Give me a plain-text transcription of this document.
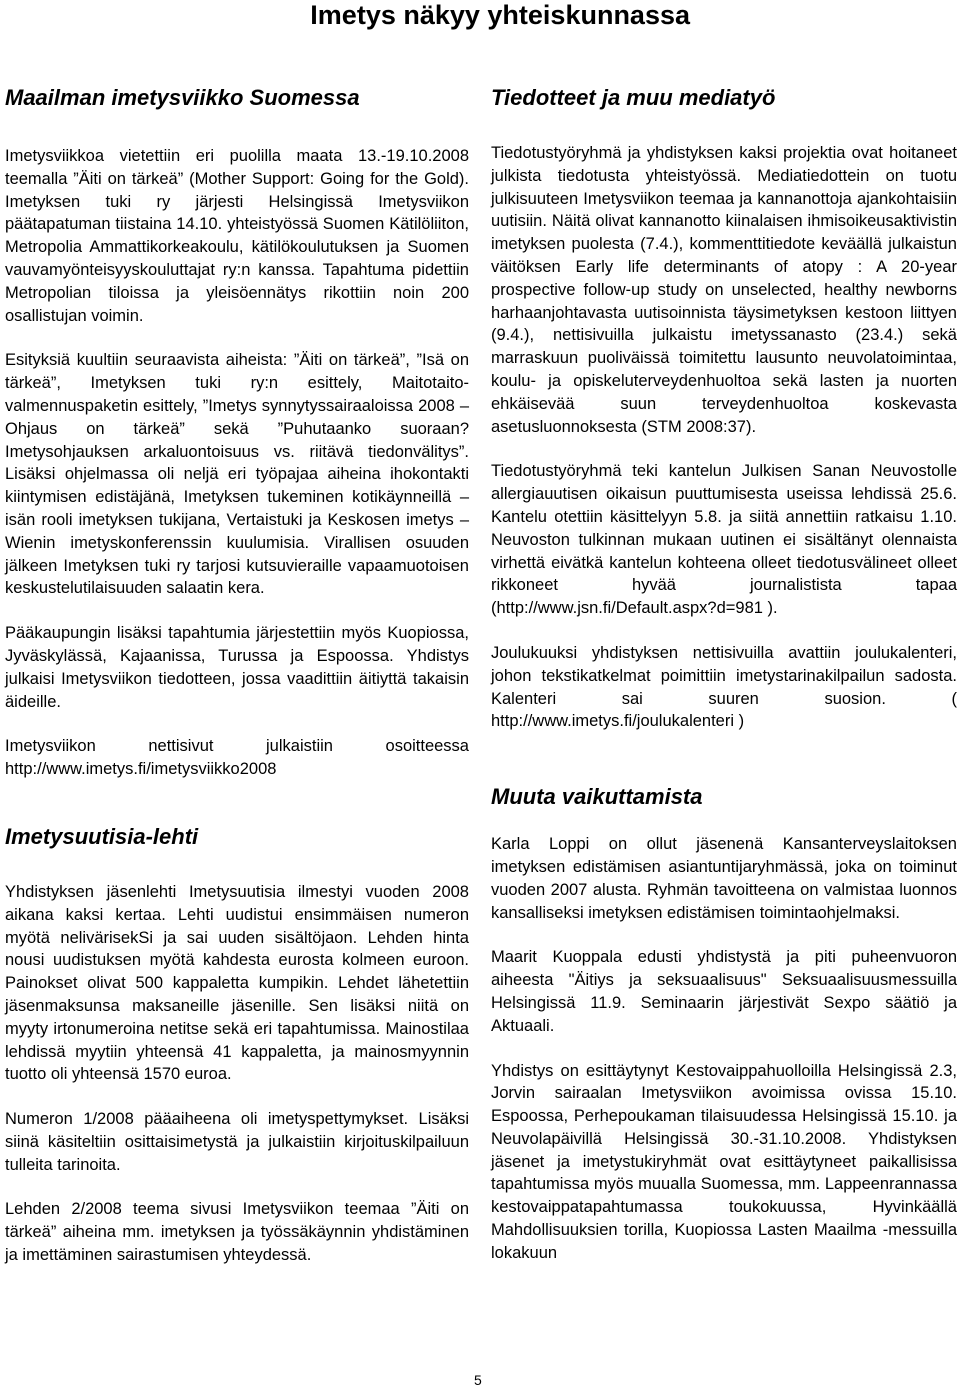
Imetys näkyy yhteiskunnassa
Maailman imetysviikko Suomessa

Imetysviikkoa vietettiin eri puolilla maata 13.-19.10.2008 teemalla ”Äiti on tärkeä” (Mother Support: Going for the Gold). Imetyksen tuki ry järjesti Helsingissä Imetysviikon päätapatuman tiistaina 14.10. yhteistyössä Suomen Kätilöliiton, Metropolia Ammattikorkeakoulu, kätilökoulutuksen ja Suomen vauvamyönteisyyskouluttajat ry:n kanssa. Tapahtuma pidettiin Metropolian tiloissa ja yleisöennätys rikottiin noin 200 osallistujan voimin.

Esityksiä kuultiin seuraavista aiheista: ”Äiti on tärkeä”, ”Isä on tärkeä”, Imetyksen tuki ry:n esittely, Maitotaito-valmennuspaketin esittely, ”Imetys synnytyssairaaloissa 2008 – Ohjaus on tärkeä” sekä ”Puhutaanko suoraan? Imetysohjauksen arkaluontoisuus vs. riitävä tiedonvälitys”. Lisäksi ohjelmassa oli neljä eri työpajaa aiheina ihokontakti kiintymisen edistäjänä, Imetyksen tukeminen kotikäynneillä – isän rooli imetyksen tukijana, Vertaistuki ja Keskosen imetys – Wienin imetyskonferenssin kuulumisia. Virallisen osuuden jälkeen Imetyksen tuki ry tarjosi kutsuvieraille vapaamuotoisen keskustelutilaisuuden salaatin kera.

Pääkaupungin lisäksi tapahtumia järjestettiin myös Kuopiossa, Jyväskylässä, Kajaanissa, Turussa ja Espoossa. Yhdistys julkaisi Imetysviikon tiedotteen, jossa vaadittiin äitiyttä takaisin äideille.

Imetysviikon nettisivut julkaistiin osoitteessa http://www.imetys.fi/imetysviikko2008

Imetysuutisia-lehti

Yhdistyksen jäsenlehti Imetysuutisia ilmestyi vuoden 2008 aikana kaksi kertaa. Lehti uudistui ensimmäisen numeron myötä nelivärisekSi ja sai uuden sisältöjaon. Lehden hinta nousi uudistuksen myötä kahdesta eurosta kolmeen euroon. Painokset olivat 500 kappaletta kumpikin. Lehdet lähetettiin jäsenmaksunsa maksaneille jäsenille. Sen lisäksi niitä on myyty irtonumeroina netitse sekä eri tapahtumissa. Mainostilaa lehdissä myytiin yhteensä 41 kappaletta, ja mainosmyynnin tuotto oli yhteensä 1570 euroa.

Numeron 1/2008 pääaiheena oli imetyspettymykset. Lisäksi siinä käsiteltiin osittaisimetystä ja julkaistiin kirjoituskilpailuun tulleita tarinoita.

Lehden 2/2008 teema sivusi Imetysviikon teemaa ”Äiti on tärkeä” aiheina mm. imetyksen ja työssäkäynnin yhdistäminen ja imettäminen sairastumisen yhteydessä.

Tiedotteet ja muu mediatyö

Tiedotustyöryhmä ja yhdistyksen kaksi projektia ovat hoitaneet julkista tiedotusta yhteistyössä. Mediatiedottein on tuotu julkisuuteen Imetysviikon teemaa ja kannanottoja ajankohtaisiin uutisiin. Näitä olivat kannanotto kiinalaisen ihmisoikeusaktivistin imetyksen puolesta (7.4.), kommenttitiedote keväällä julkaistun väitöksen Early life determinants of atopy : A 20-year prospective follow-up study on unselected, healthy newborns harhaanjohtavasta uutisoinnista täysimetyksen kestoon liittyen (9.4.), nettisivuilla julkaistu imetyssanasto (23.4.) sekä marraskuun puoliväissä toimitettu lausunto neuvolatoimintaa, koulu- ja opiskeluterveydenhuoltoa sekä lasten ja nuorten ehkäisevää suun terveydenhuoltoa koskevasta asetusluonnoksesta (STM 2008:37).

Tiedotustyöryhmä teki kantelun Julkisen Sanan Neuvostolle allergiauutisen oikaisun puuttumisesta useissa lehdissä 25.6. Kantelu otettiin käsittelyyn 5.8. ja siitä annettiin ratkaisu 1.10. Neuvoston tulkinnan mukaan uutinen ei sisältänyt olennaista virhettä eivätkä kantelun kohteena olleet tiedotusvälineet olleet rikkoneet hyvää journalistista tapaa (http://www.jsn.fi/Default.aspx?d=981 ).

Joulukuuksi yhdistyksen nettisivuilla avattiin joulukalenteri, johon tekstikatkelmat poimittiin imetystarinakilpailun sadosta. Kalenteri sai suuren suosion. ( http://www.imetys.fi/joulukalenteri )

Muuta vaikuttamista

Karla Loppi on ollut jäsenenä Kansanterveyslaitoksen imetyksen edistämisen asiantuntijaryhmässä, joka on toiminut vuoden 2007 alusta. Ryhmän tavoitteena on valmistaa luonnos kansalliseksi imetyksen edistämisen toimintaohjelmaksi.

Maarit Kuoppala edusti yhdistystä ja piti puheenvuoron aiheesta "Äitiys ja seksuaalisuus" Seksuaalisuusmessuilla Helsingissä 11.9. Seminaarin järjestivät Sexpo säätiö ja Aktuaali.

Yhdistys on esittäytynyt Kestovaippahuolloilla Helsingissä 2.3, Jorvin sairaalan Imetysviikon avoimissa ovissa 15.10. Espoossa, Perhepoukaman tilaisuudessa Helsingissä 15.10. ja Neuvolapäivillä Helsingissä 30.-31.10.2008. Yhdistyksen jäsenet ja imetystukiryhmät ovat esittäytyneet paikallisissa tapahtumissa myös muualla Suomessa, mm. Lappeenrannassa kestovaippatapahtumassa toukokuussa, Hyvinkäällä Mahdollisuuksien torilla, Kuopiossa Lasten Maailma -messuilla lokakuun

5
